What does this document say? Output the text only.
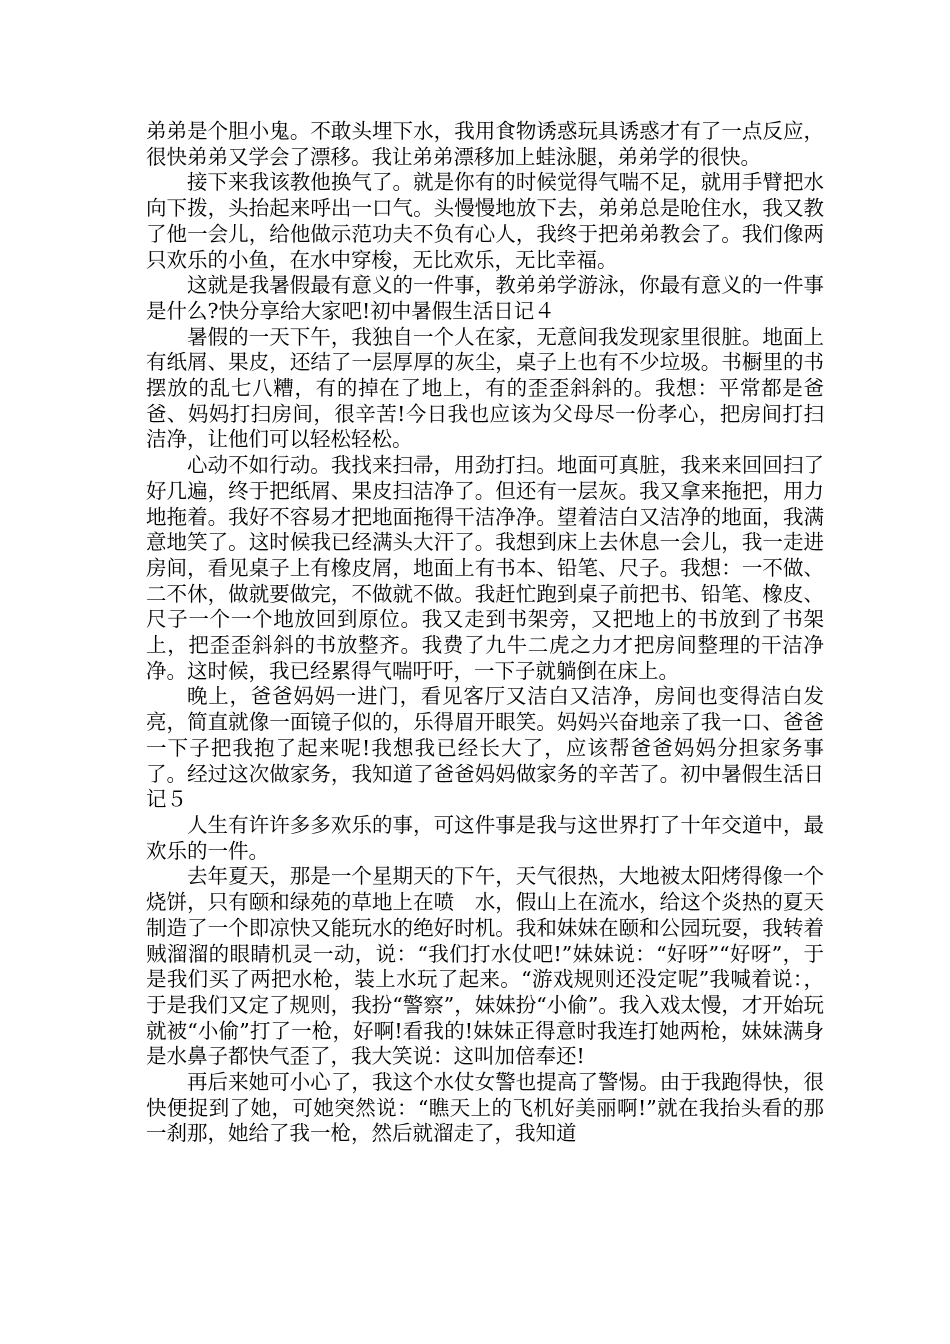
弟弟是个胆小鬼。不敢头埋下水，我用食物诱惑玩具诱惑才有了一点反应，很快弟弟又学会了漂移。我让弟弟漂移加上蛙泳腿，弟弟学的很快。

接下来我该教他换气了。就是你有的时候觉得气喘不足，就用手臂把水向下拨，头抬起来呼出一口气。头慢慢地放下去，弟弟总是呛住水，我又教了他一会儿，给他做示范功夫不负有心人，我终于把弟弟教会了。我们像两只欢乐的小鱼，在水中穿梭，无比欢乐，无比幸福。

这就是我暑假最有意义的一件事，教弟弟学游泳，你最有意义的一件事是什么?快分享给大家吧!初中暑假生活日记４

暑假的一天下午，我独自一个人在家，无意间我发现家里很脏。地面上有纸屑、果皮，还结了一层厚厚的灰尘，桌子上也有不少垃圾。书橱里的书摆放的乱七八糟，有的掉在了地上，有的歪歪斜斜的。我想：平常都是爸爸、妈妈打扫房间，很辛苦!今日我也应该为父母尽一份孝心，把房间打扫洁净，让他们可以轻松轻松。

心动不如行动。我找来扫帚，用劲打扫。地面可真脏，我来来回回扫了好几遍，终于把纸屑、果皮扫洁净了。但还有一层灰。我又拿来拖把，用力地拖着。我好不容易才把地面拖得干洁净净。望着洁白又洁净的地面，我满意地笑了。这时候我已经满头大汗了。我想到床上去休息一会儿，我一走进房间，看见桌子上有橡皮屑，地面上有书本、铅笔、尺子。我想：一不做、二不休，做就要做完，不做就不做。我赶忙跑到桌子前把书、铅笔、橡皮、尺子一个一个地放回到原位。我又走到书架旁，又把地上的书放到了书架上，把歪歪斜斜的书放整齐。我费了九牛二虎之力才把房间整理的干洁净净。这时候，我已经累得气喘吁吁，一下子就躺倒在床上。

晚上，爸爸妈妈一进门，看见客厅又洁白又洁净，房间也变得洁白发亮，简直就像一面镜子似的，乐得眉开眼笑。妈妈兴奋地亲了我一口、爸爸一下子把我抱了起来呢!我想我已经长大了，应该帮爸爸妈妈分担家务事了。经过这次做家务，我知道了爸爸妈妈做家务的辛苦了。初中暑假生活日记５

人生有许许多多欢乐的事，可这件事是我与这世界打了十年交道中，最欢乐的一件。

去年夏天，那是一个星期天的下午，天气很热，大地被太阳烤得像一个烧饼，只有颐和绿苑的草地上在喷　水，假山上在流水，给这个炎热的夏天制造了一个即凉快又能玩水的绝好时机。我和妹妹在颐和公园玩耍，我转着贼溜溜的眼睛机灵一动，说：“我们打水仗吧!”妹妹说：“好呀”“好呀”，于是我们买了两把水枪，装上水玩了起来。“游戏规则还没定呢”我喊着说：，于是我们又定了规则，我扮“警察”，妹妹扮“小偷”。我入戏太慢，才开始玩就被“小偷”打了一枪，好啊!看我的!妹妹正得意时我连打她两枪，妹妹满身是水鼻子都快气歪了，我大笑说：这叫加倍奉还!

再后来她可小心了，我这个水仗女警也提高了警惕。由于我跑得快，很快便捉到了她，可她突然说：“瞧天上的飞机好美丽啊!”就在我抬头看的那一刹那，她给了我一枪，然后就溜走了，我知道
